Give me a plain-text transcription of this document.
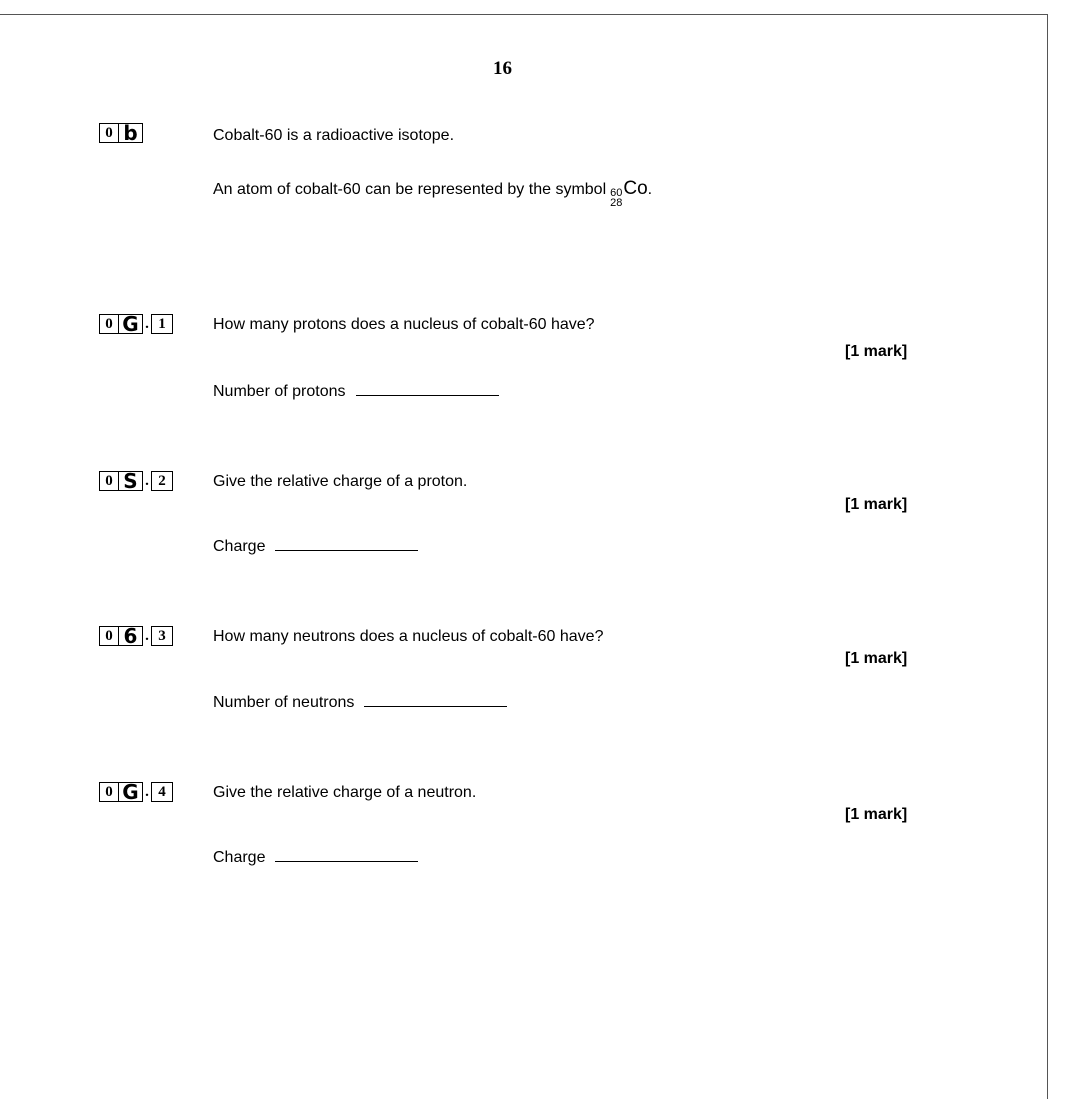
16
0 b	Cobalt-60 is a radioactive isotope.
An atom of cobalt-60 can be represented by the symbol 60
28
Co .
0 G . 1	How many protons does a nucleus of cobalt-60 have?
[1 mark]
Number of protons
0 S . 2	Give the relative charge of a proton.
[1 mark]
Charge
0 6 . 3	How many neutrons does a nucleus of cobalt-60 have?
[1 mark]
Number of neutrons
0 G . 4	Give the relative charge of a neutron.
[1 mark]
Charge
